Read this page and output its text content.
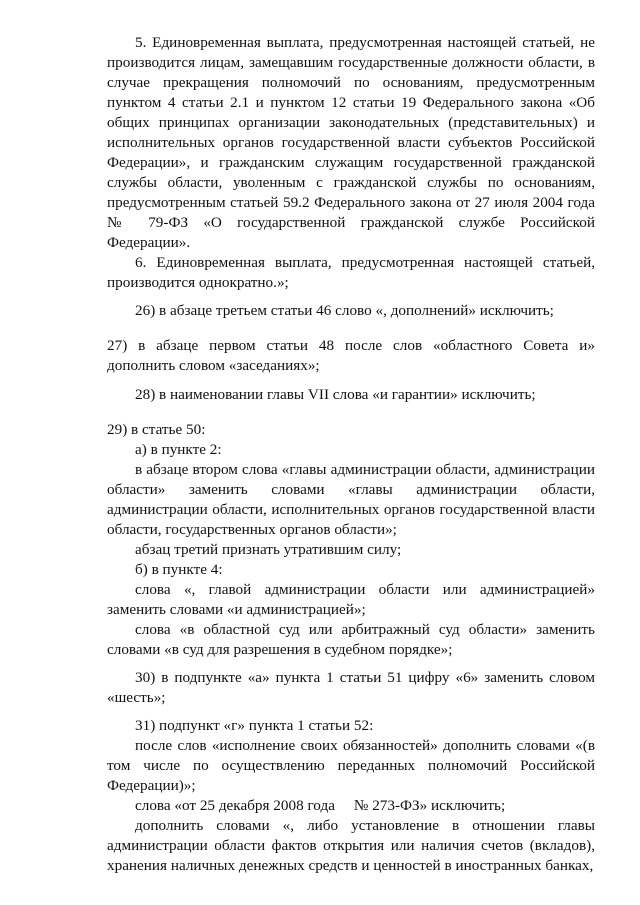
5. Единовременная выплата, предусмотренная настоящей статьей, не производится лицам, замещавшим государственные должности области, в случае прекращения полномочий по основаниям, предусмотренным пунктом 4 статьи 2.1 и пунктом 12 статьи 19 Федерального закона «Об общих принципах организации законодательных (представительных) и исполнительных органов государственной власти субъектов Российской Федерации», и гражданским служащим государственной гражданской службы области, уволенным с гражданской службы по основаниям, предусмотренным статьей 59.2 Федерального закона от 27 июля 2004 года № 79-ФЗ «О государственной гражданской службе Российской Федерации».
6. Единовременная выплата, предусмотренная настоящей статьей, производится однократно.»;
26) в абзаце третьем статьи 46 слово «, дополнений» исключить;
27) в абзаце первом статьи 48 после слов «областного Совета и» дополнить словом «заседаниях»;
28) в наименовании главы VII слова «и гарантии» исключить;
29) в статье 50:
а) в пункте 2:
в абзаце втором слова «главы администрации области, администрации области» заменить словами «главы администрации области, администрации области, исполнительных органов государственной власти области, государственных органов области»;
абзац третий признать утратившим силу;
б) в пункте 4:
слова «, главой администрации области или администрацией» заменить словами «и администрацией»;
слова «в областной суд или арбитражный суд области» заменить словами «в суд для разрешения в судебном порядке»;
30) в подпункте «а» пункта 1 статьи 51 цифру «6» заменить словом «шесть»;
31) подпункт «г» пункта 1 статьи 52:
после слов «исполнение своих обязанностей» дополнить словами «(в том числе по осуществлению переданных полномочий Российской Федерации)»;
слова «от 25 декабря 2008 года     № 273-ФЗ» исключить;
дополнить словами «, либо установление в отношении главы администрации области фактов открытия или наличия счетов (вкладов), хранения наличных денежных средств и ценностей в иностранных банках,
